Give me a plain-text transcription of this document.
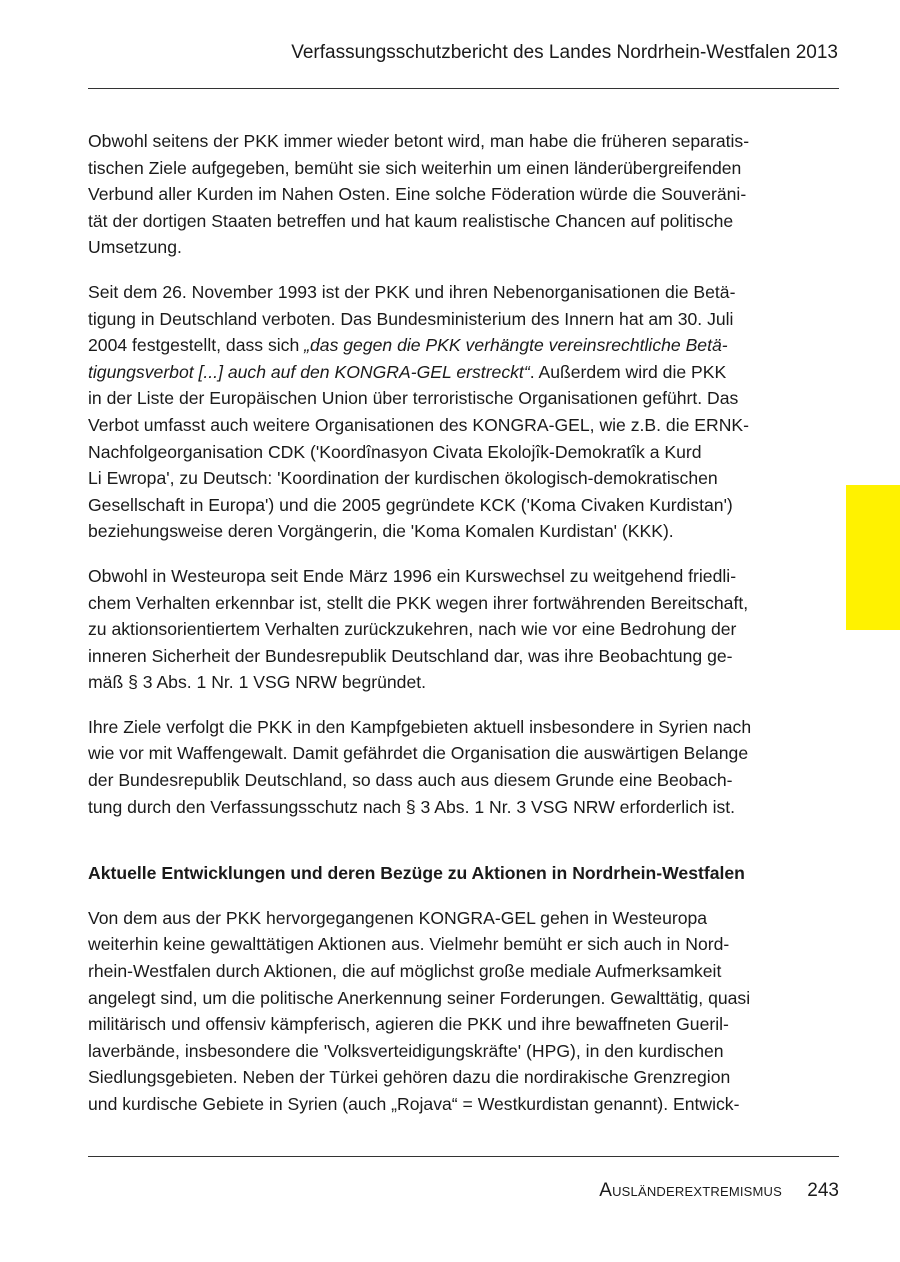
Verfassungsschutzbericht des Landes Nordrhein-Westfalen 2013

Obwohl seitens der PKK immer wieder betont wird, man habe die früheren separatis-
tischen Ziele aufgegeben, bemüht sie sich weiterhin um einen länderübergreifenden
Verbund aller Kurden im Nahen Osten. Eine solche Föderation würde die Souveräni-
tät der dortigen Staaten betreffen und hat kaum realistische Chancen auf politische
Umsetzung.

Seit dem 26. November 1993 ist der PKK und ihren Nebenorganisationen die Betä-
tigung in Deutschland verboten. Das Bundesministerium des Innern hat am 30. Juli
2004 festgestellt, dass sich „das gegen die PKK verhängte vereinsrechtliche Betä-
tigungsverbot [...] auch auf den KONGRA-GEL erstreckt“. Außerdem wird die PKK
in der Liste der Europäischen Union über terroristische Organisationen geführt. Das
Verbot umfasst auch weitere Organisationen des KONGRA-GEL, wie z.B. die ERNK-
Nachfolgeorganisation CDK ('Koordînasyon Civata Ekolojîk-Demokratîk a Kurd
Li Ewropa', zu Deutsch: 'Koordination der kurdischen ökologisch-demokratischen
Gesellschaft in Europa') und die 2005 gegründete KCK ('Koma Civaken Kurdistan')
beziehungsweise deren Vorgängerin, die 'Koma Komalen Kurdistan' (KKK).

Obwohl in Westeuropa seit Ende März 1996 ein Kurswechsel zu weitgehend friedli-
chem Verhalten erkennbar ist, stellt die PKK wegen ihrer fortwährenden Bereitschaft,
zu aktionsorientiertem Verhalten zurückzukehren, nach wie vor eine Bedrohung der
inneren Sicherheit der Bundesrepublik Deutschland dar, was ihre Beobachtung ge-
mäß § 3 Abs. 1 Nr. 1 VSG NRW begründet.

Ihre Ziele verfolgt die PKK in den Kampfgebieten aktuell insbesondere in Syrien nach
wie vor mit Waffengewalt. Damit gefährdet die Organisation die auswärtigen Belange
der Bundesrepublik Deutschland, so dass auch aus diesem Grunde eine Beobach-
tung durch den Verfassungsschutz nach § 3 Abs. 1 Nr. 3 VSG NRW erforderlich ist.

Aktuelle Entwicklungen und deren Bezüge zu Aktionen in Nordrhein-Westfalen

Von dem aus der PKK hervorgegangenen KONGRA-GEL gehen in Westeuropa
weiterhin keine gewalttätigen Aktionen aus. Vielmehr bemüht er sich auch in Nord-
rhein-Westfalen durch Aktionen, die auf möglichst große mediale Aufmerksamkeit
angelegt sind, um die politische Anerkennung seiner Forderungen. Gewalttätig, quasi
militärisch und offensiv kämpferisch, agieren die PKK und ihre bewaffneten Gueril-
laverbände, insbesondere die 'Volksverteidigungskräfte' (HPG), in den kurdischen
Siedlungsgebieten. Neben der Türkei gehören dazu die nordirakische Grenzregion
und kurdische Gebiete in Syrien (auch „Rojava“ = Westkurdistan genannt). Entwick-

Ausländerextremismus 243
